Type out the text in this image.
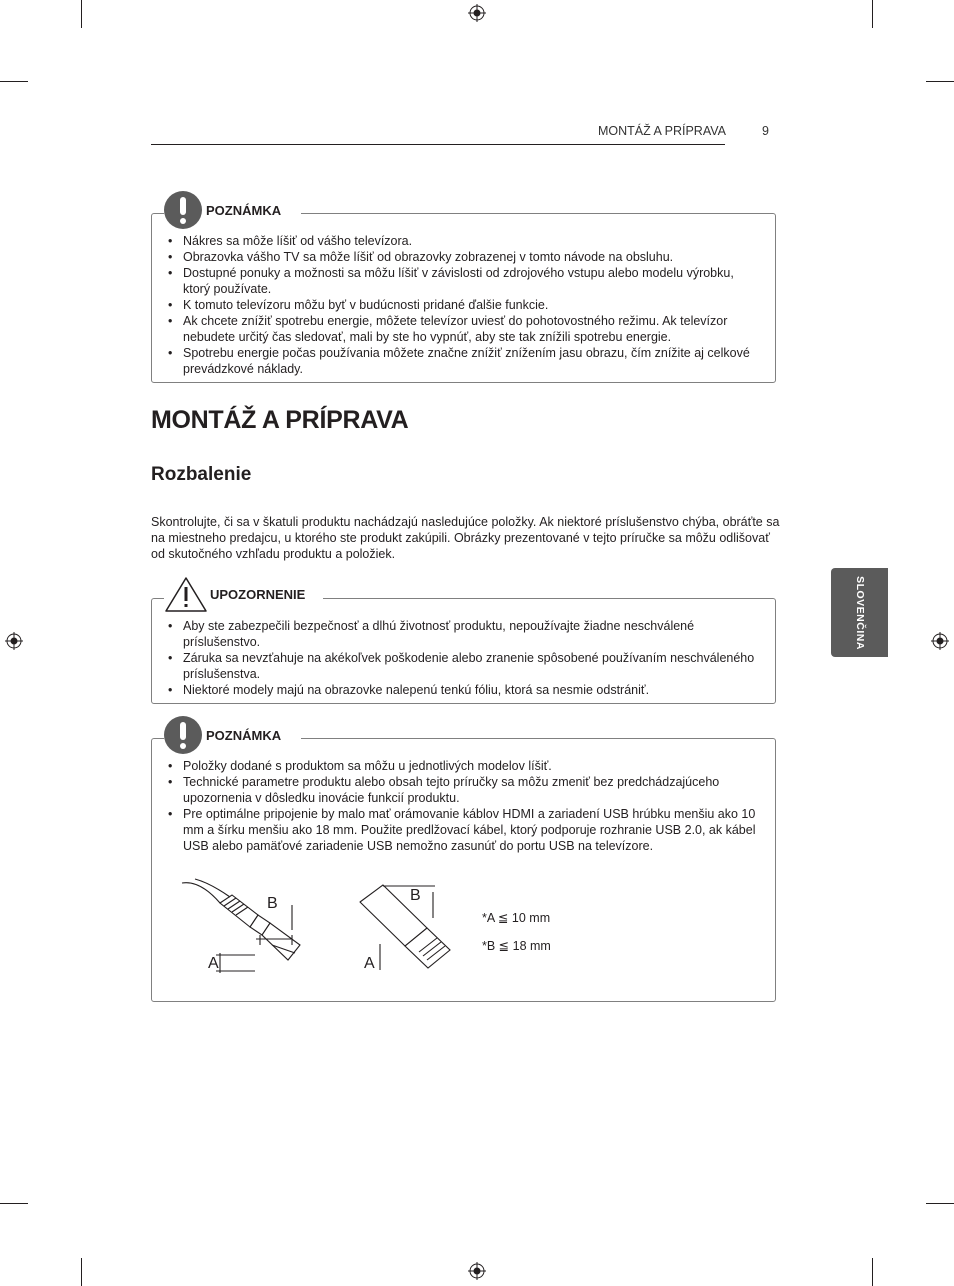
MONTÁŽ A PRÍPRAVA	9
SLOVENČINA
POZNÁMKA
• Nákres sa môže líšiť od vášho televízora.
• Obrazovka vášho TV sa môže líšiť od obrazovky zobrazenej v tomto návode na obsluhu.
• Dostupné ponuky a možnosti sa môžu líšiť v závislosti od zdrojového vstupu alebo modelu výrobku, ktorý používate.
• K tomuto televízoru môžu byť v budúcnosti pridané ďalšie funkcie.
• Ak chcete znížiť spotrebu energie, môžete televízor uviesť do pohotovostného režimu. Ak televízor nebudete určitý čas sledovať, mali by ste ho vypnúť, aby ste tak znížili spotrebu energie.
• Spotrebu energie počas používania môžete značne znížiť znížením jasu obrazu, čím znížite aj celkové prevádzkové náklady.
MONTÁŽ A PRÍPRAVA
Rozbalenie
Skontrolujte, či sa v škatuli produktu nachádzajú nasledujúce položky. Ak niektoré príslušenstvo chýba, obráťte sa na miestneho predajcu, u ktorého ste produkt zakúpili. Obrázky prezentované v tejto príručke sa môžu odlišovať od skutočného vzhľadu produktu a položiek.
UPOZORNENIE
• Aby ste zabezpečili bezpečnosť a dlhú životnosť produktu, nepoužívajte žiadne neschválené príslušenstvo.
• Záruka sa nevzťahuje na akékoľvek poškodenie alebo zranenie spôsobené používaním neschváleného príslušenstva.
• Niektoré modely majú na obrazovke nalepenú tenkú fóliu, ktorá sa nesmie odstrániť.
POZNÁMKA
• Položky dodané s produktom sa môžu u jednotlivých modelov líšiť.
• Technické parametre produktu alebo obsah tejto príručky sa môžu zmeniť bez predchádzajúceho upozornenia v dôsledku inovácie funkcií produktu.
• Pre optimálne pripojenie by malo mať orámovanie káblov HDMI a zariadení USB hrúbku menšiu ako 10 mm a šírku menšiu ako 18 mm. Použite predlžovací kábel, ktorý podporuje rozhranie USB 2.0, ak kábel USB alebo pamäťové zariadenie USB nemožno zasunúť do portu USB na televízore.
B
A
B
A
*A ≦ 10 mm
*B ≦ 18 mm
